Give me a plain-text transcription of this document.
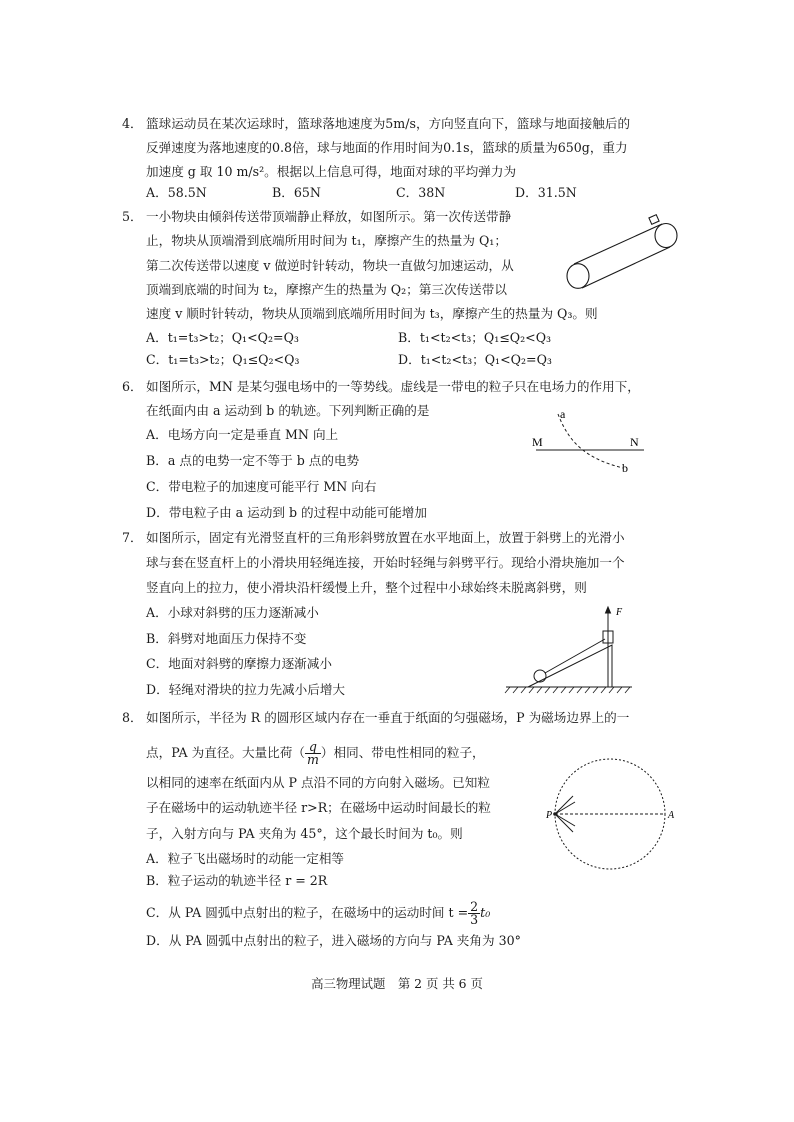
4． 篮球运动员在某次运球时，篮球落地速度为5m/s，方向竖直向下，篮球与地面接触后的
反弹速度为落地速度的0.8倍，球与地面的作用时间为0.1s，篮球的质量为650g，重力
加速度 g 取 10 m/s²。根据以上信息可得，地面对球的平均弹力为
A．58.5N	B．65N	C．38N	D．31.5N
5． 一小物块由倾斜传送带顶端静止释放，如图所示。第一次传送带静
止，物块从顶端滑到底端所用时间为 t₁，摩擦产生的热量为 Q₁；
第二次传送带以速度 v 做逆时针转动，物块一直做匀加速运动，从
顶端到底端的时间为 t₂，摩擦产生的热量为 Q₂；第三次传送带以
速度 v 顺时针转动，物块从顶端到底端所用时间为 t₃，摩擦产生的热量为 Q₃。则
A．t₁=t₃>t₂；Q₁<Q₂=Q₃	B．t₁<t₂<t₃；Q₁≤Q₂<Q₃
C．t₁=t₃>t₂；Q₁≤Q₂<Q₃	D．t₁<t₂<t₃；Q₁<Q₂=Q₃
6． 如图所示，MN 是某匀强电场中的一等势线。虚线是一带电的粒子只在电场力的作用下，
在纸面内由 a 运动到 b 的轨迹。下列判断正确的是
A．电场方向一定是垂直 MN 向上
B．a 点的电势一定不等于 b 点的电势
C．带电粒子的加速度可能平行 MN 向右
D．带电粒子由 a 运动到 b 的过程中动能可能增加
a
b
M	N
7． 如图所示，固定有光滑竖直杆的三角形斜劈放置在水平地面上，放置于斜劈上的光滑小
球与套在竖直杆上的小滑块用轻绳连接，开始时轻绳与斜劈平行。现给小滑块施加一个
竖直向上的拉力，使小滑块沿杆缓慢上升，整个过程中小球始终未脱离斜劈，则
A．小球对斜劈的压力逐渐减小
B．斜劈对地面压力保持不变
C．地面对斜劈的摩擦力逐渐减小
D．轻绳对滑块的拉力先减小后增大
F
8． 如图所示，半径为 R 的圆形区域内存在一垂直于纸面的匀强磁场，P 为磁场边界上的一
点，PA 为直径。大量比荷（ $\frac{q}{m}$ ）相同、带电性相同的粒子，
以相同的速率在纸面内从 P 点沿不同的方向射入磁场。已知粒
子在磁场中的运动轨迹半径 r>R；在磁场中运动时间最长的粒
子，入射方向与 PA 夹角为 45°，这个最长时间为 t₀。则
A．粒子飞出磁场时的动能一定相等
B．粒子运动的轨迹半径 r = 2R
C．从 PA 圆弧中点射出的粒子，在磁场中的运动时间 $t = \frac{2}{3} t_0$
D．从 PA 圆弧中点射出的粒子，进入磁场的方向与 PA 夹角为 30°
P	A
高三物理试题　第 2 页 共 6 页
